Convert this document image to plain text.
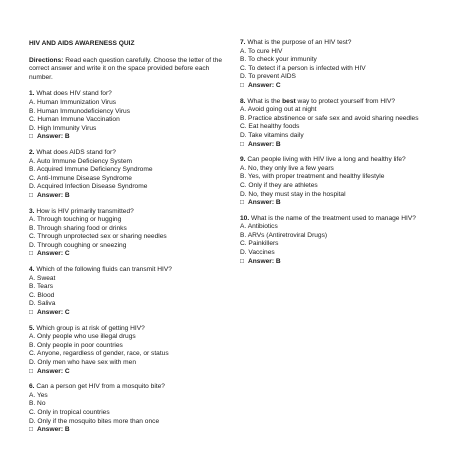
HIV AND AIDS AWARENESS QUIZ
Directions: Read each question carefully. Choose the letter of the correct answer and write it on the space provided before each number.
1. What does HIV stand for?
A. Human Immunization Virus
B. Human Immunodeficiency Virus
C. Human Immune Vaccination
D. High Immunity Virus
□ Answer: B
2. What does AIDS stand for?
A. Auto Immune Deficiency System
B. Acquired Immune Deficiency Syndrome
C. Anti-Immune Disease Syndrome
D. Acquired Infection Disease Syndrome
□ Answer: B
3. How is HIV primarily transmitted?
A. Through touching or hugging
B. Through sharing food or drinks
C. Through unprotected sex or sharing needles
D. Through coughing or sneezing
□ Answer: C
4. Which of the following fluids can transmit HIV?
A. Sweat
B. Tears
C. Blood
D. Saliva
□ Answer: C
5. Which group is at risk of getting HIV?
A. Only people who use illegal drugs
B. Only people in poor countries
C. Anyone, regardless of gender, race, or status
D. Only men who have sex with men
□ Answer: C
6. Can a person get HIV from a mosquito bite?
A. Yes
B. No
C. Only in tropical countries
D. Only if the mosquito bites more than once
□ Answer: B
7. What is the purpose of an HIV test?
A. To cure HIV
B. To check your immunity
C. To detect if a person is infected with HIV
D. To prevent AIDS
□ Answer: C
8. What is the best way to protect yourself from HIV?
A. Avoid going out at night
B. Practice abstinence or safe sex and avoid sharing needles
C. Eat healthy foods
D. Take vitamins daily
□ Answer: B
9. Can people living with HIV live a long and healthy life?
A. No, they only live a few years
B. Yes, with proper treatment and healthy lifestyle
C. Only if they are athletes
D. No, they must stay in the hospital
□ Answer: B
10. What is the name of the treatment used to manage HIV?
A. Antibiotics
B. ARVs (Antiretroviral Drugs)
C. Painkillers
D. Vaccines
□ Answer: B
